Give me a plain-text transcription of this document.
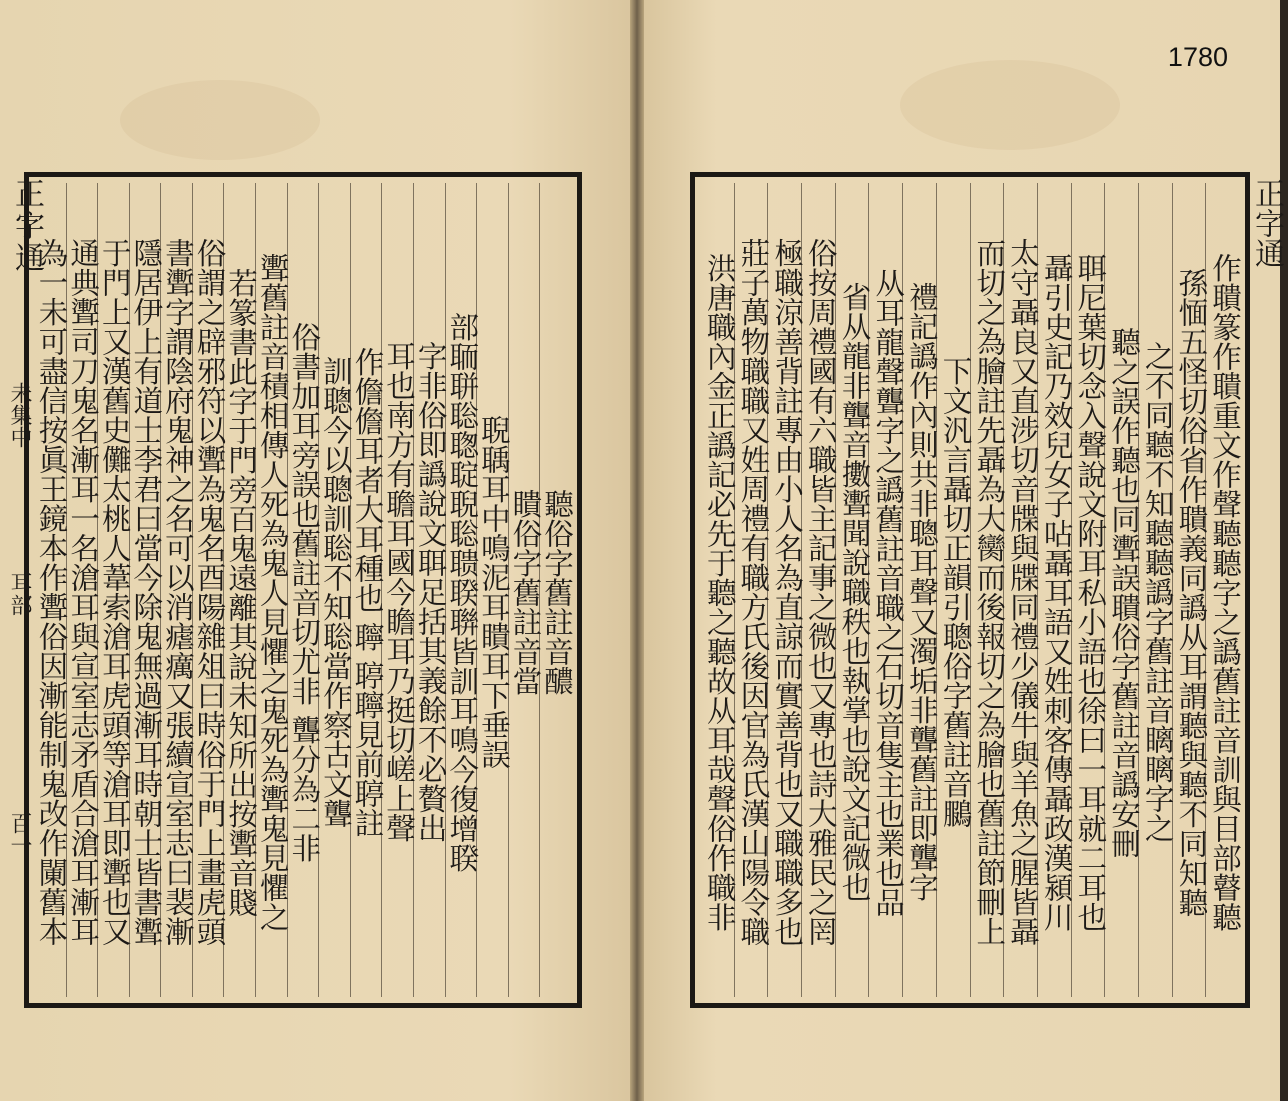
1780
正字通
未集中
耳部
百一
聽俗字舊註音醲
瞶俗字舊註音當
聣聥耳中鳴泥耳瞶耳下垂誤
部聏聠聡聦聢聣聡聩聧聨皆訓耳鳴今復增聧
字非俗即譌說文聑足括其義餘不必贅出
耳也南方有聸耳國今瞻耳乃挺切嵯上聲
作儋儋耳者大耳種也 聹 聤聹見前聤註
訓聰今以聰訓聡不知聡當作察古文聾
俗書加耳旁誤也舊註音切尤非 聾分為二非
聻舊註音積相傳人死為鬼人見懼之鬼死為聻鬼見懼之
若篆書此字于門旁百鬼遠離其說未知所出按聻音賤
俗謂之辟邪符以聻為鬼名酉陽雜俎曰時俗于門上畫虎頭
書聻字謂陰府鬼神之名可以消瘧癘又張續宣室志曰裴漸
隱居伊上有道士李君曰當今除鬼無過漸耳時朝士皆書聻
于門上又漢舊史儺太桃人葦索滄耳虎頭等滄耳即聻也又
通典聻司刀鬼名漸耳一名滄耳與宣室志矛盾合滄耳漸耳
為一未可盡信按眞王鏡本作聻俗因漸能制鬼改作䦨舊本	作聵篆作聵重文作聲聽聽字之譌舊註音訓與目部瞽聽
孫愐五怪切俗省作聵義同譌从耳謂聽與聽不同知聽
之不同聽不知聽聽譌字舊註音瞝瞝字之
聽之誤作聽也同聻誤聵俗字舊註音譌安刪
聑尼葉切念入聲說文附耳私小語也徐曰一耳就二耳也
聶引史記乃效兒女子呫聶耳語又姓刺客傳聶政漢潁川
太守聶良又直涉切音牒與牒同禮少儀牛與羊魚之腥皆聶
而切之為膾註先聶為大臠而後報切之為膾也舊註節刪上
下文汎言聶切正韻引聰俗字舊註音鵩
禮記譌作內則共非聰耳聲又濁垢非聾舊註即聾字
从耳龍聲聾字之譌舊註音職之石切音隻主也業也品
省从龍非聾音擻聻聞說職秩也執掌也說文記微也
俗按周禮國有六職皆主記事之微也又專也詩大雅民之罔
極職涼善背註專由小人名為直諒而實善背也又職職多也
莊子萬物職職又姓周禮有職方氏後因官為氏漢山陽令職
洪唐職內金正譌記必先于聽之聽故从耳哉聲俗作職非
正字通
